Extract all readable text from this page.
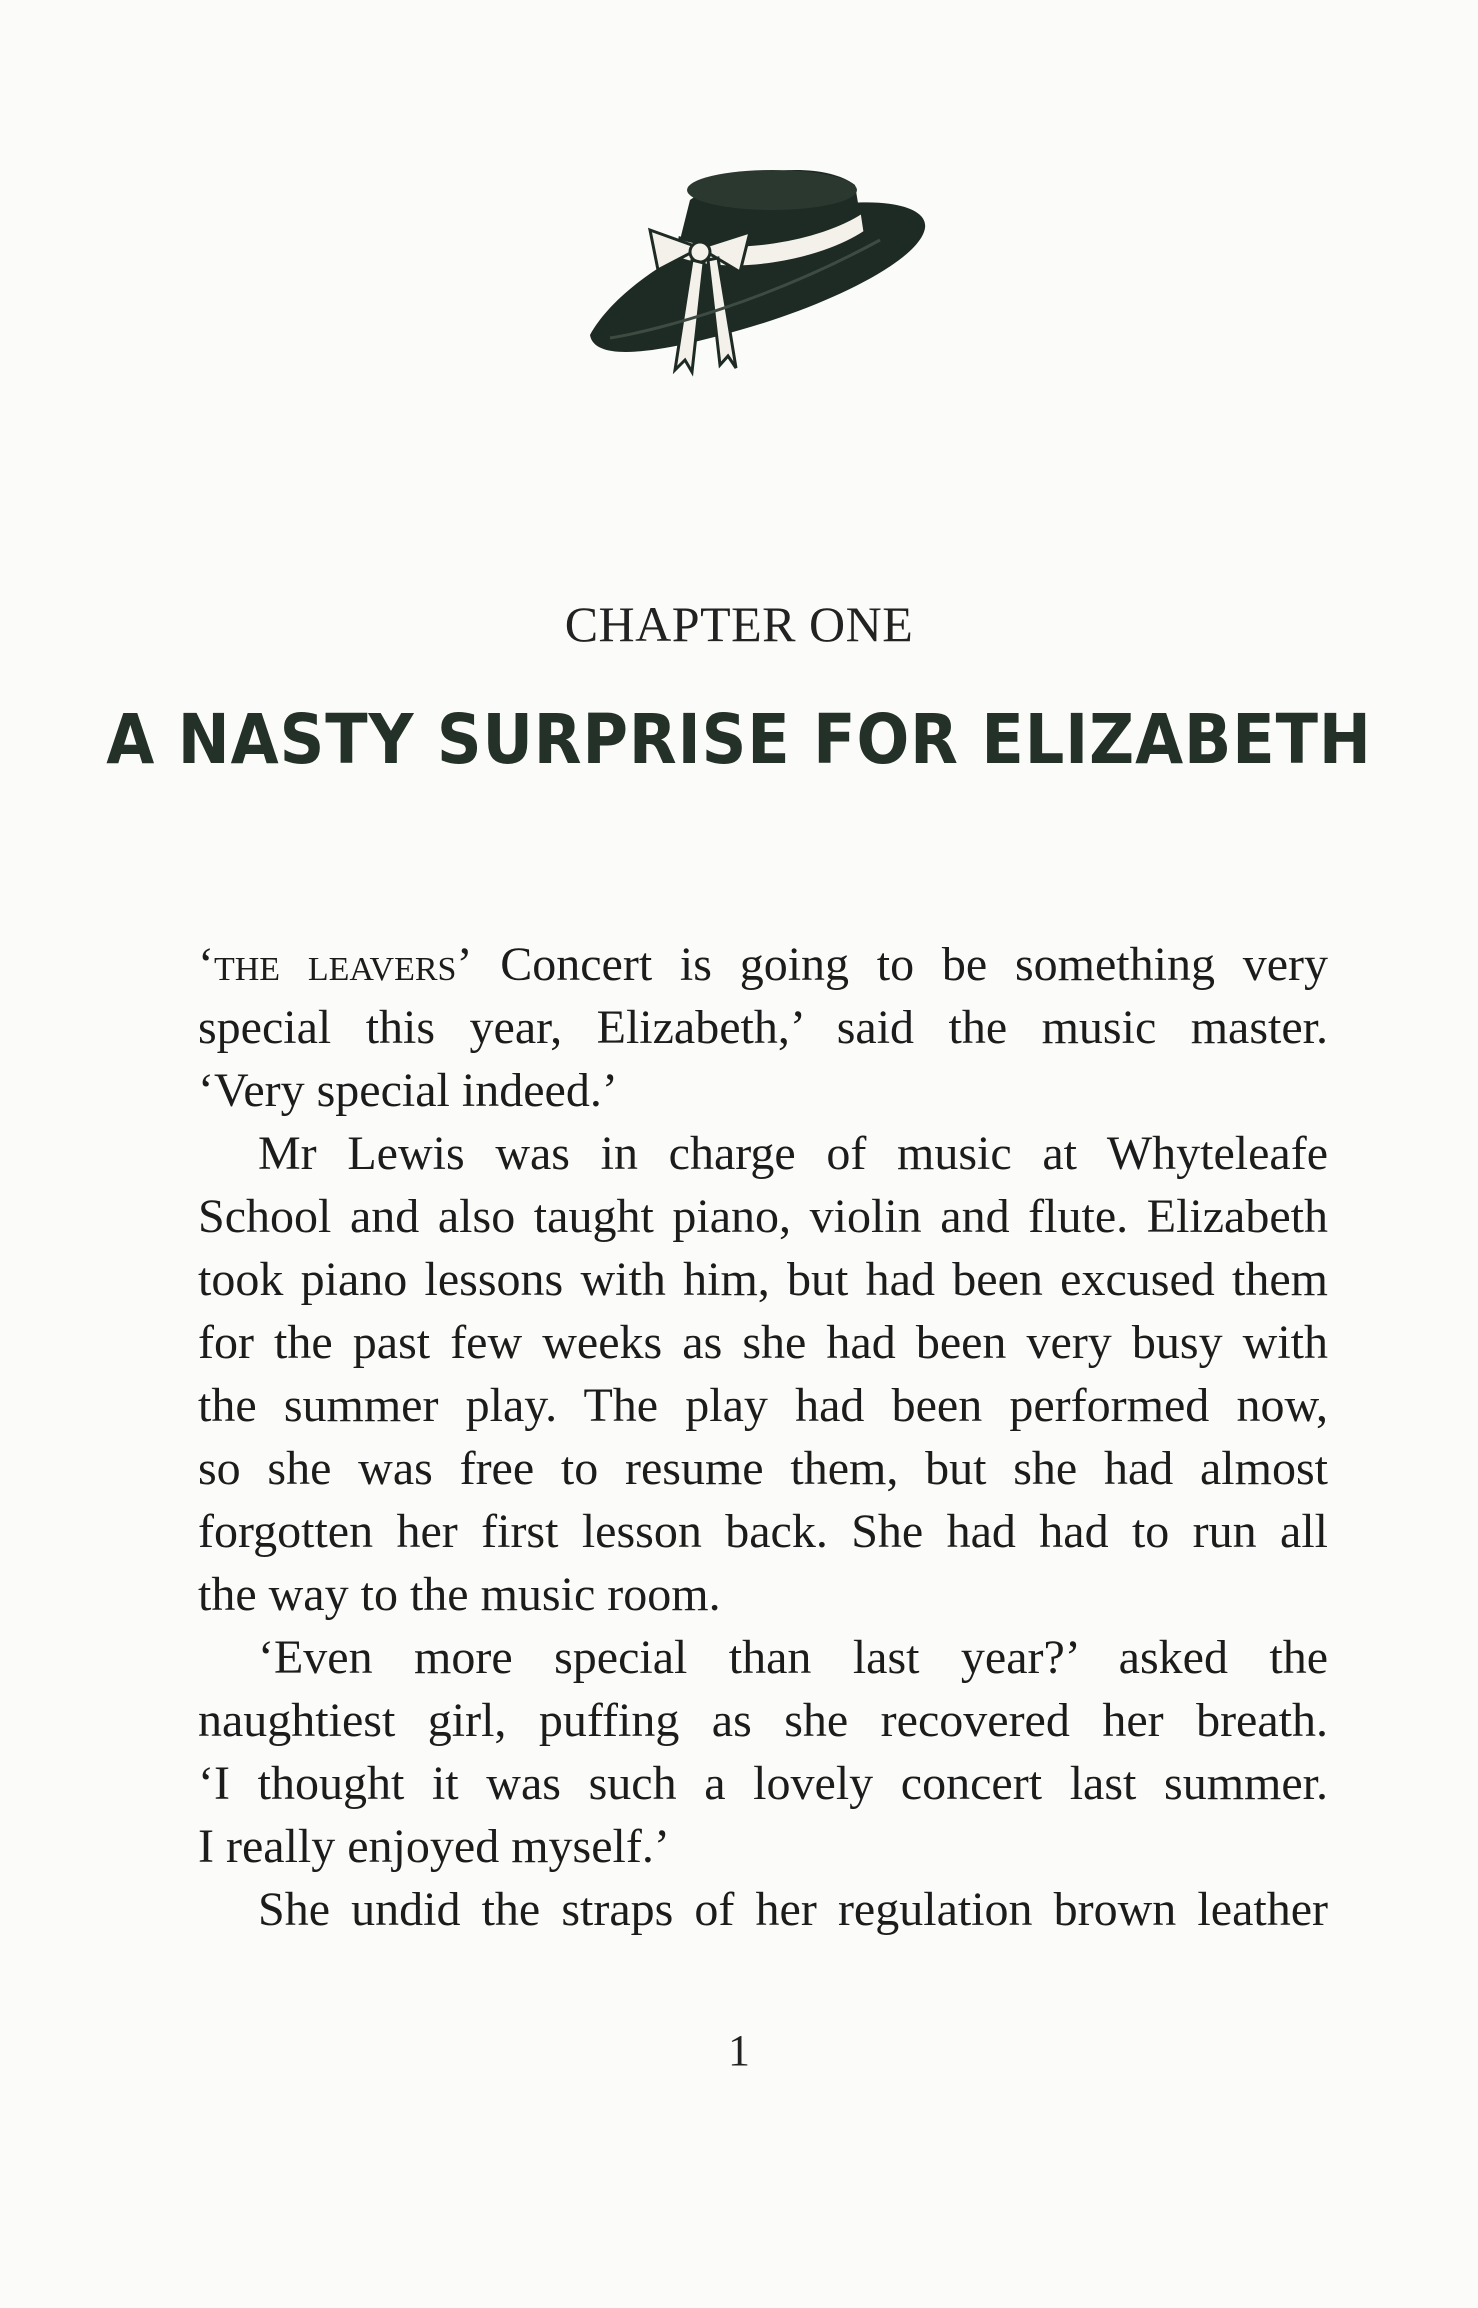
CHAPTER ONE
A NASTY SURPRISE FOR ELIZABETH
‘the leavers’ Concert is going to be something very
special this year, Elizabeth,’ said the music master.
‘Very special indeed.’
Mr Lewis was in charge of music at Whyteleafe
School and also taught piano, violin and flute. Elizabeth
took piano lessons with him, but had been excused them
for the past few weeks as she had been very busy with
the summer play. The play had been performed now,
so she was free to resume them, but she had almost
forgotten her first lesson back. She had had to run all
the way to the music room.
‘Even more special than last year?’ asked the
naughtiest girl, puffing as she recovered her breath.
‘I thought it was such a lovely concert last summer.
I really enjoyed myself.’
She undid the straps of her regulation brown leather
1
